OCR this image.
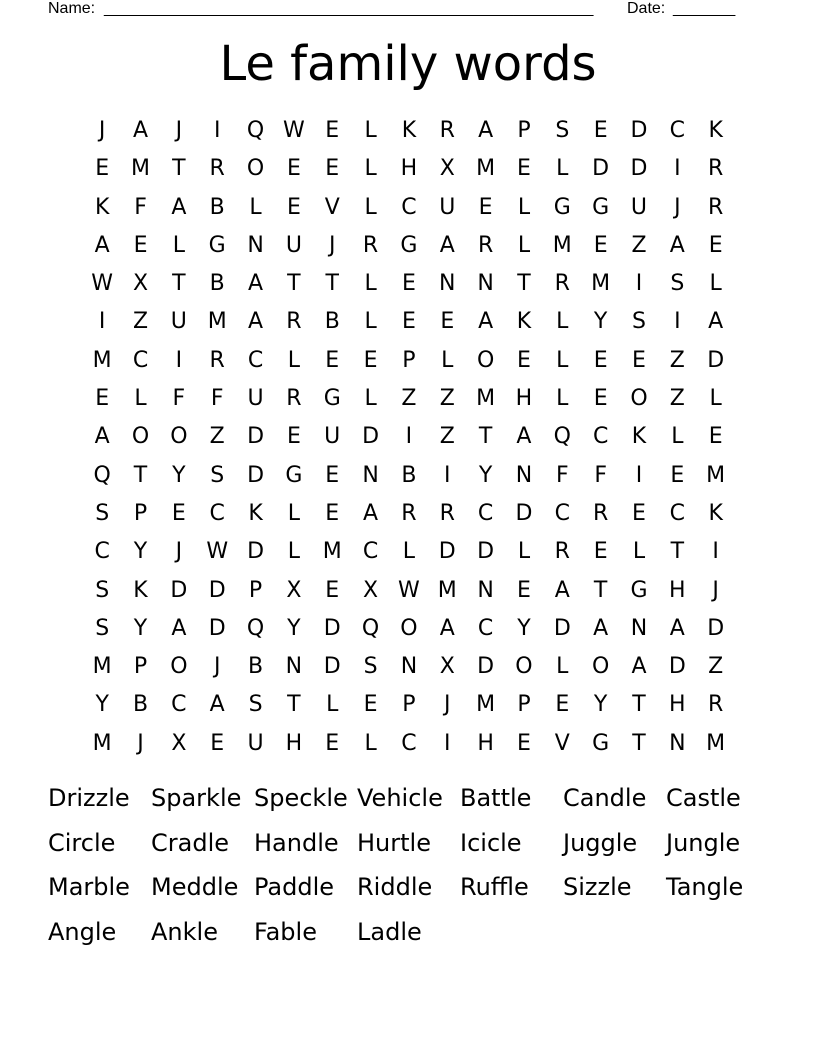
Name: _______________________________________________________ Date: _______
Le family words
J	A	J	I	Q W E	L	K	R	A	P	S	E	D	C	K
E M	T	R	O	E	E	L	H	X M E	L	D D	I	R
K	F	A	B	L	E	V	L	C	U	E	L	G G U	J	R
A	E	L	G N	U	J	R	G	A	R	L	M E	Z	A	E
W X	T	B	A	T	T	L	E	N N	T	R M	I	S	L
I	Z	U M A	R	B	L	E	E	A	K	L	Y	S	I	A
M C	I	R	C	L	E	E	P	L	O	E	L	E	E	Z	D
E	L	F	F	U	R	G	L	Z	Z M H	L	E	O	Z	L
A	O O	Z	D	E	U D	I	Z	T	A	Q	C	K	L	E
Q	T	Y	S	D G	E	N	B	I	Y	N	F	F	I	E M
S	P	E	C	K	L	E	A	R	R	C	D	C	R	E	C	K
C	Y	J	W D	L	M C	L	D D	L	R	E	L	T	I
S	K	D D	P	X	E	X W M N	E	A	T	G H	J
S	Y	A	D Q	Y	D Q O	A	C	Y	D	A	N	A	D
M	P	O	J	B	N D	S	N	X	D O	L	O	A	D	Z
Y	B	C	A	S	T	L	E	P	J	M	P	E	Y	T	H	R
M	J	X	E	U	H	E	L	C	I	H	E	V	G	T	N M
Drizzle Sparkle Speckle Vehicle Battle Candle Castle
Circle Cradle Handle Hurtle Icicle Juggle Jungle
Marble Meddle Paddle Riddle Ruffle Sizzle Tangle
Angle Ankle Fable Ladle
